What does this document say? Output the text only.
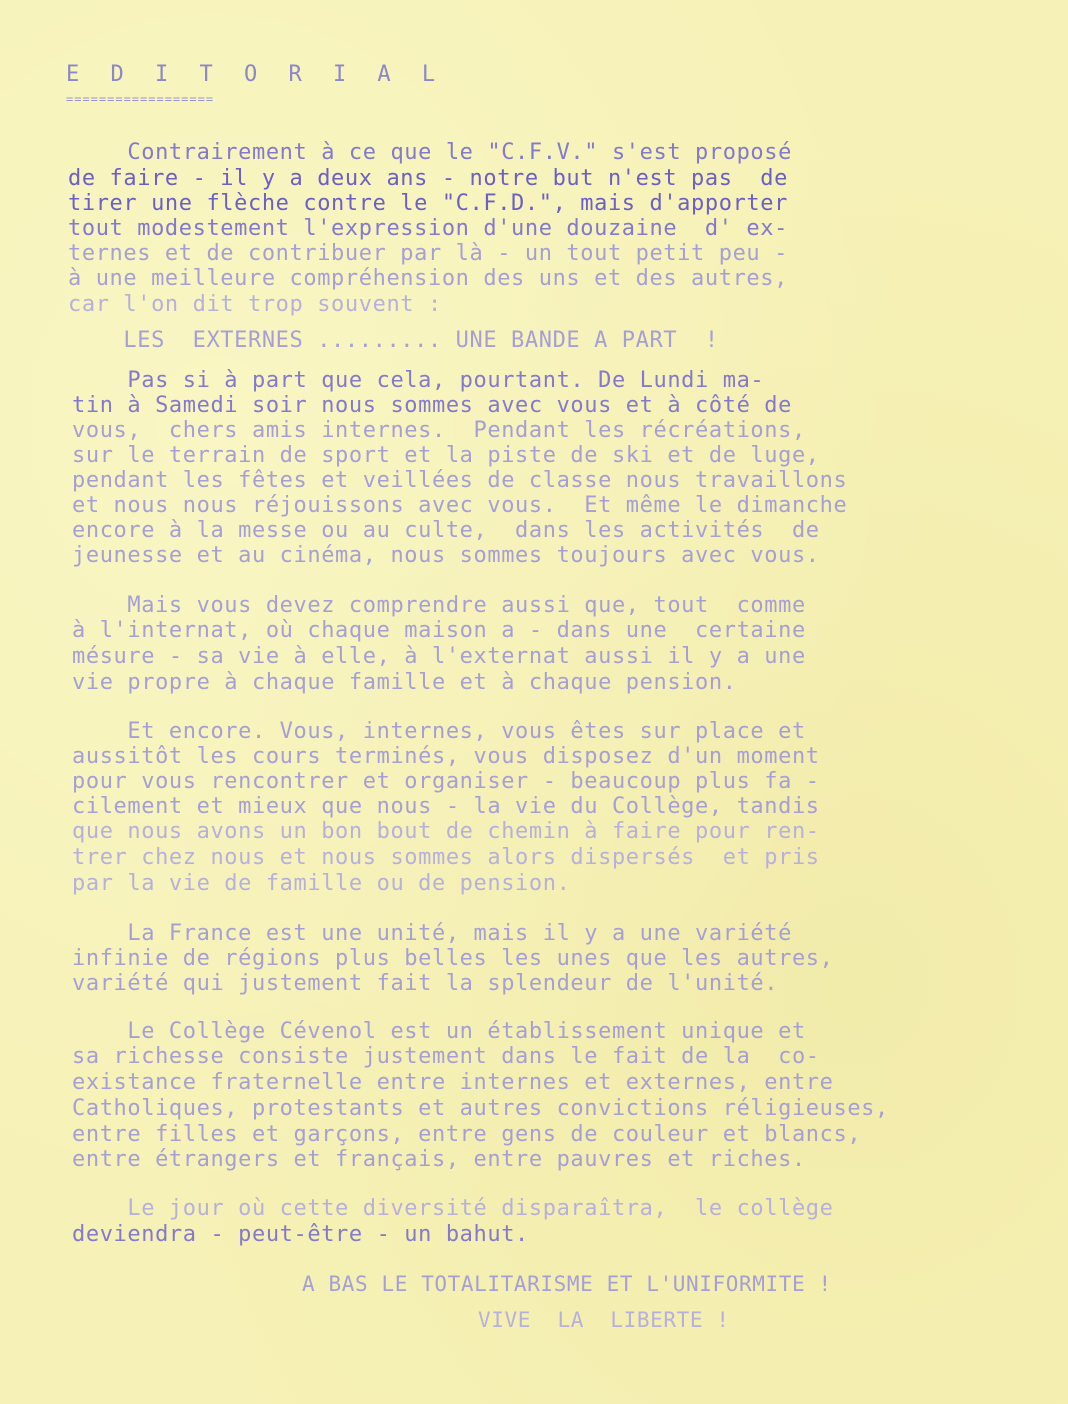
E D I T O R I A L
==================
Contrairement à ce que le "C.F.V." s'est proposé
de faire - il y a deux ans - notre but n'est pas  de
tirer une flèche contre le "C.F.D.", mais d'apporter
tout modestement l'expression d'une douzaine  d' ex-
ternes et de contribuer par là - un tout petit peu -
à une meilleure compréhension des uns et des autres,
car l'on dit trop souvent :
LES  EXTERNES ......... UNE BANDE A PART  !
Pas si à part que cela, pourtant. De Lundi ma-
tin à Samedi soir nous sommes avec vous et à côté de
vous,  chers amis internes.  Pendant les récréations,
sur le terrain de sport et la piste de ski et de luge,
pendant les fêtes et veillées de classe nous travaillons
et nous nous réjouissons avec vous.  Et même le dimanche
encore à la messe ou au culte,  dans les activités  de
jeunesse et au cinéma, nous sommes toujours avec vous.
Mais vous devez comprendre aussi que, tout  comme
à l'internat, où chaque maison a - dans une  certaine
mésure - sa vie à elle, à l'externat aussi il y a une
vie propre à chaque famille et à chaque pension.
Et encore. Vous, internes, vous êtes sur place et
aussitôt les cours terminés, vous disposez d'un moment
pour vous rencontrer et organiser - beaucoup plus fa -
cilement et mieux que nous - la vie du Collège, tandis
que nous avons un bon bout de chemin à faire pour ren-
trer chez nous et nous sommes alors dispersés  et pris
par la vie de famille ou de pension.
La France est une unité, mais il y a une variété
infinie de régions plus belles les unes que les autres,
variété qui justement fait la splendeur de l'unité.
Le Collège Cévenol est un établissement unique et
sa richesse consiste justement dans le fait de la  co-
existance fraternelle entre internes et externes, entre
Catholiques, protestants et autres convictions réligieuses,
entre filles et garçons, entre gens de couleur et blancs,
entre étrangers et français, entre pauvres et riches.
Le jour où cette diversité disparaîtra,  le collège
deviendra - peut-être - un bahut.
A BAS LE TOTALITARISME ET L'UNIFORMITE !
VIVE  LA  LIBERTE !
